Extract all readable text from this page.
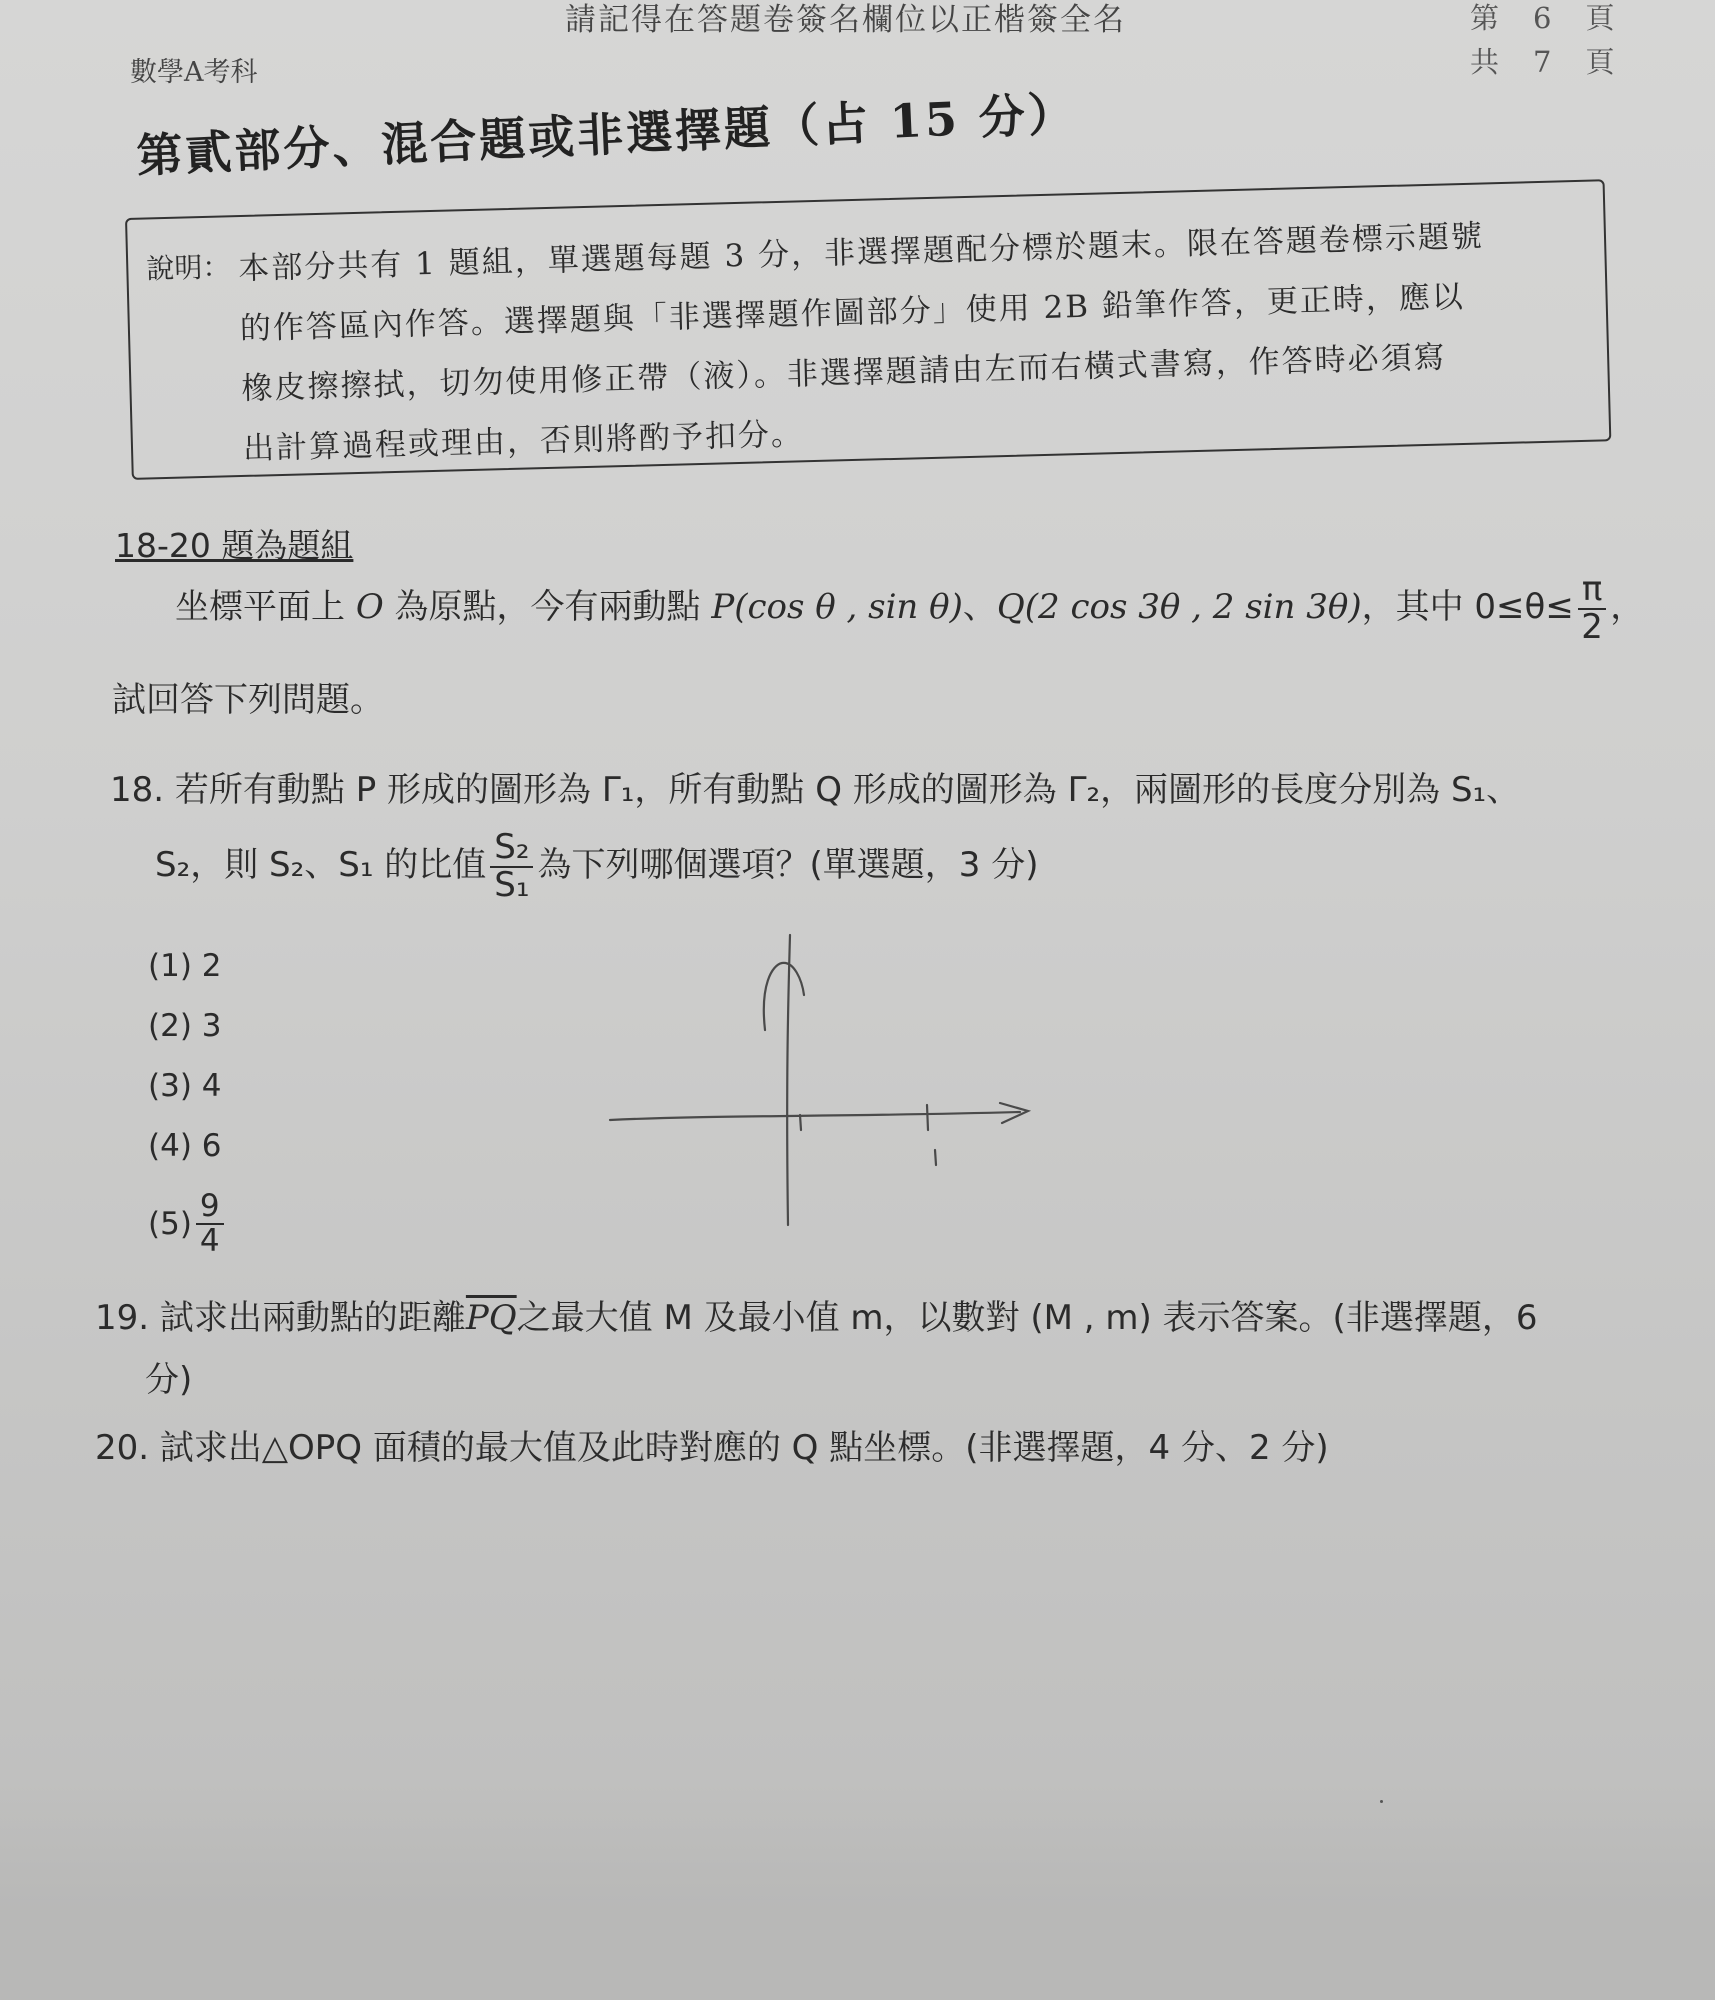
請記得在答題卷簽名欄位以正楷簽全名
數學A考科
第 6 頁
共 7 頁
第貳部分、混合題或非選擇題（占 15 分）
說明： 本部分共有 1 題組，單選題每題 3 分，非選擇題配分標於題末。限在答題卷標示題號
的作答區內作答。選擇題與「非選擇題作圖部分」使用 2B 鉛筆作答，更正時，應以
橡皮擦擦拭，切勿使用修正帶（液）。非選擇題請由左而右橫式書寫，作答時必須寫
出計算過程或理由，否則將酌予扣分。
18-20 題為題組
坐標平面上 O 為原點，今有兩動點 P(cos θ , sin θ)、Q(2 cos 3θ , 2 sin 3θ)，其中 $0\le\theta\le \frac{\pi}{2}$ ，
試回答下列問題。
18. 若所有動點 P 形成的圖形為 Γ₁，所有動點 Q 形成的圖形為 Γ₂，兩圖形的長度分別為 S₁、
S₂，則 S₂、S₁ 的比值 $\frac{\text{S₂}}{\text{S₁}}$ 為下列哪個選項？(單選題，3 分)
(1) 2
(2) 3
(3) 4
(4) 6
$(5) \frac{9}{4}$
19. 試求出兩動點的距離$\overline{PQ}$之最大值 M 及最小值 m，以數對 (M , m) 表示答案。(非選擇題，6
分)
20. 試求出△OPQ 面積的最大值及此時對應的 Q 點坐標。(非選擇題，4 分、2 分)
